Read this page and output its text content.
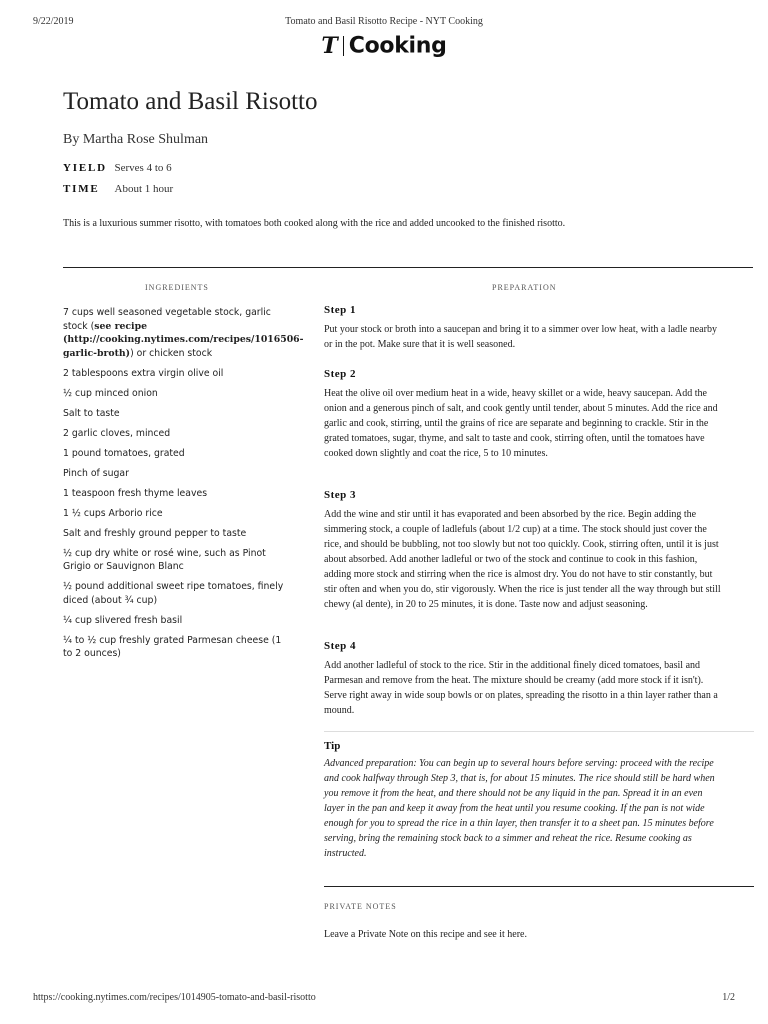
9/22/2019	Tomato and Basil Risotto Recipe - NYT Cooking
T Cooking
Tomato and Basil Risotto
By Martha Rose Shulman
YIELD Serves 4 to 6
TIME About 1 hour
This is a luxurious summer risotto, with tomatoes both cooked along with the rice and added uncooked to the finished risotto.
INGREDIENTS	PREPARATION
7 cups well seasoned vegetable stock, garlic stock (see recipe (http://cooking.nytimes.com/recipes/1016506-garlic-broth)) or chicken stock
2 tablespoons extra virgin olive oil
½ cup minced onion
Salt to taste
2 garlic cloves, minced
1 pound tomatoes, grated
Pinch of sugar
1 teaspoon fresh thyme leaves
1 ½ cups Arborio rice
Salt and freshly ground pepper to taste
½ cup dry white or rosé wine, such as Pinot Grigio or Sauvignon Blanc
½ pound additional sweet ripe tomatoes, finely diced (about ¾ cup)
¼ cup slivered fresh basil
¼ to ½ cup freshly grated Parmesan cheese (1 to 2 ounces)
Step 1
Put your stock or broth into a saucepan and bring it to a simmer over low heat, with a ladle nearby or in the pot. Make sure that it is well seasoned.
Step 2
Heat the olive oil over medium heat in a wide, heavy skillet or a wide, heavy saucepan. Add the onion and a generous pinch of salt, and cook gently until tender, about 5 minutes. Add the rice and garlic and cook, stirring, until the grains of rice are separate and beginning to crackle. Stir in the grated tomatoes, sugar, thyme, and salt to taste and cook, stirring often, until the tomatoes have cooked down slightly and coat the rice, 5 to 10 minutes.
Step 3
Add the wine and stir until it has evaporated and been absorbed by the rice. Begin adding the simmering stock, a couple of ladlefuls (about 1/2 cup) at a time. The stock should just cover the rice, and should be bubbling, not too slowly but not too quickly. Cook, stirring often, until it is just about absorbed. Add another ladleful or two of the stock and continue to cook in this fashion, adding more stock and stirring when the rice is almost dry. You do not have to stir constantly, but stir often and when you do, stir vigorously. When the rice is just tender all the way through but still chewy (al dente), in 20 to 25 minutes, it is done. Taste now and adjust seasoning.
Step 4
Add another ladleful of stock to the rice. Stir in the additional finely diced tomatoes, basil and Parmesan and remove from the heat. The mixture should be creamy (add more stock if it isn't). Serve right away in wide soup bowls or on plates, spreading the risotto in a thin layer rather than a mound.
Tip
Advanced preparation: You can begin up to several hours before serving: proceed with the recipe and cook halfway through Step 3, that is, for about 15 minutes. The rice should still be hard when you remove it from the heat, and there should not be any liquid in the pan. Spread it in an even layer in the pan and keep it away from the heat until you resume cooking. If the pan is not wide enough for you to spread the rice in a thin layer, then transfer it to a sheet pan. 15 minutes before serving, bring the remaining stock back to a simmer and reheat the rice. Resume cooking as instructed.
PRIVATE NOTES
Leave a Private Note on this recipe and see it here.
https://cooking.nytimes.com/recipes/1014905-tomato-and-basil-risotto	1/2
